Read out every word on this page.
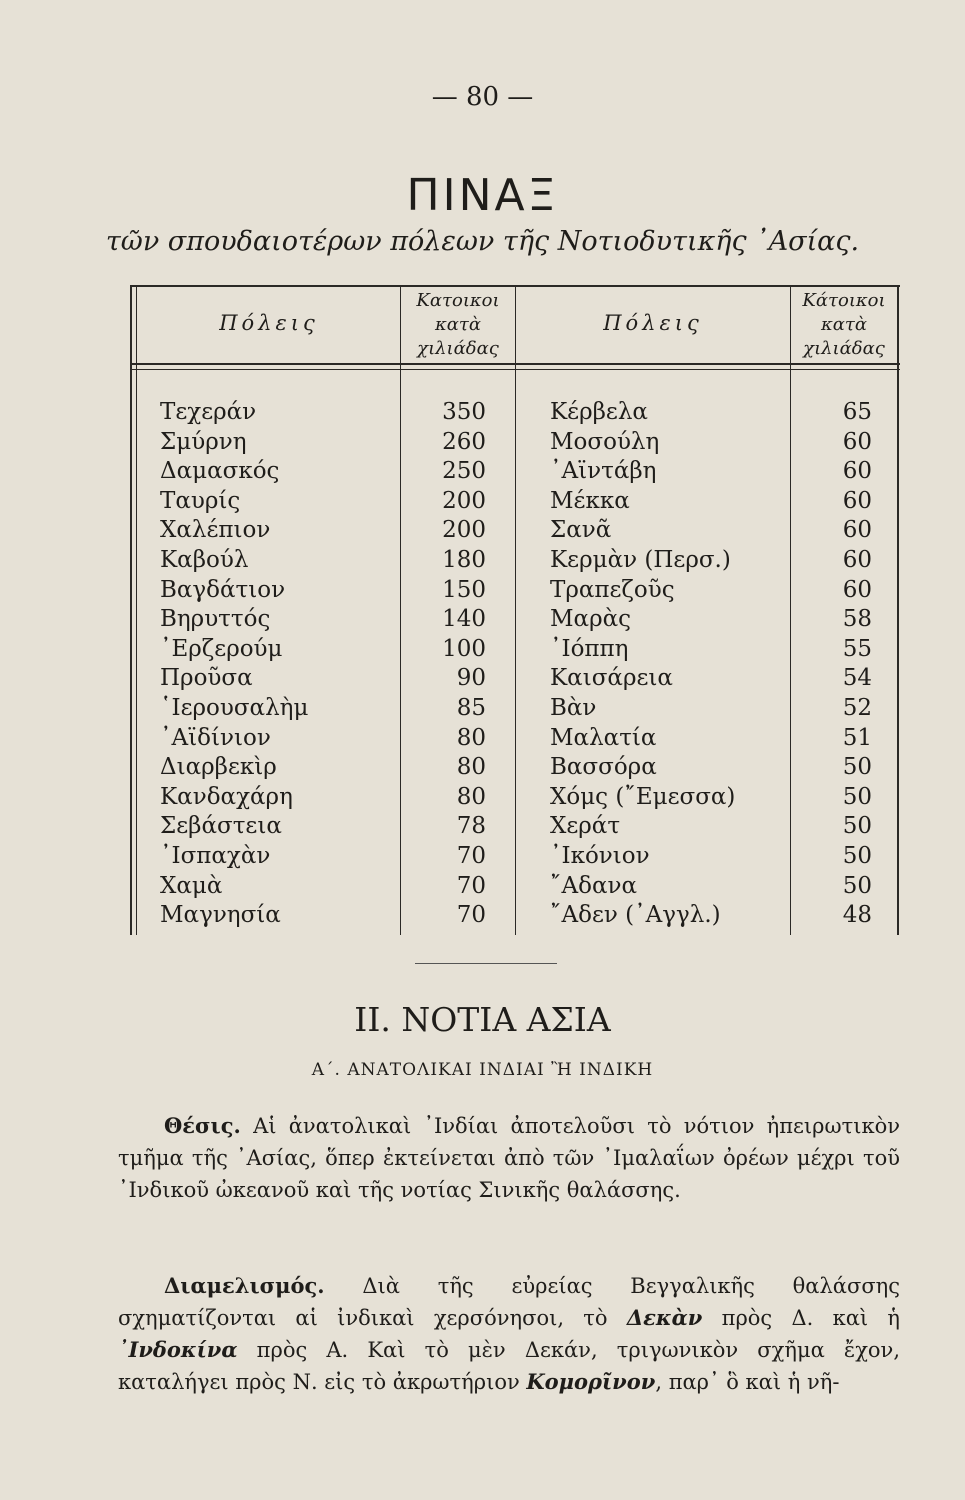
— 80 —
ΠΙΝΑΞ
τῶν σπουδαιοτέρων πόλεων τῆς Νοτιοδυτικῆς ᾿Ασίας.
Πόλεις
Κατοικοι
κατὰ
χιλιάδας
Πόλεις
Κάτοικοι
κατὰ
χιλιάδας
Τεχεράν
Σμύρνη
Δαμασκός
Ταυρίς
Χαλέπιον
Καβούλ
Βαγδάτιον
Βηρυττός
᾿Ερζερούμ
Προῦσα
῾Ιερουσαλὴμ
᾿Αϊδίνιον
Διαρβεκὶρ
Κανδαχάρη
Σεβάστεια
᾿Ισπαχὰν
Χαμὰ
Μαγνησία
350
260
250
200
200
180
150
140
100
90
85
80
80
80
78
70
70
70
Κέρβελα
Μοσούλη
᾿Αϊντάβη
Μέκκα
Σανᾶ
Κερμὰν (Περσ.)
Τραπεζοῦς
Μαρὰς
᾿Ιόππη
Καισάρεια
Βὰν
Μαλατία
Βασσόρα
Χόμς (῎Εμεσσα)
Χεράτ
᾿Ικόνιον
῎Αδανα
῎Αδεν (᾿Αγγλ.)
65
60
60
60
60
60
60
58
55
54
52
51
50
50
50
50
50
48
II. ΝΟΤΙΑ ΑΣΙΑ
Α΄. ΑΝΑΤΟΛΙΚΑΙ ΙΝΔΙΑΙ Ἢ ΙΝΔΙΚΗ
Θέσις. Αἱ ἀνατολικαὶ ᾿Ινδίαι ἀποτελοῦσι τὸ νότιον ἠπειρωτικὸν τμῆμα τῆς ᾿Ασίας, ὅπερ ἐκτείνεται ἀπὸ τῶν ᾿Ιμαλαΐων ὀρέων μέχρι τοῦ ᾿Ινδικοῦ ὠκεανοῦ καὶ τῆς νοτίας Σινικῆς θαλάσσης.
Διαμελισμός. Διὰ τῆς εὐρείας Βεγγαλικῆς θαλάσσης σχηματίζονται αἱ ἰνδικαὶ χερσόνησοι, τὸ Δεκὰν πρὸς Δ. καὶ ἡ ᾿Ινδοκίνα πρὸς Α. Καὶ τὸ μὲν Δεκάν, τριγωνικὸν σχῆμα ἔχον, καταλήγει πρὸς Ν. εἰς τὸ ἀκρωτήριον Κομορῖνον, παρ᾿ ὃ καὶ ἡ νῆ-
